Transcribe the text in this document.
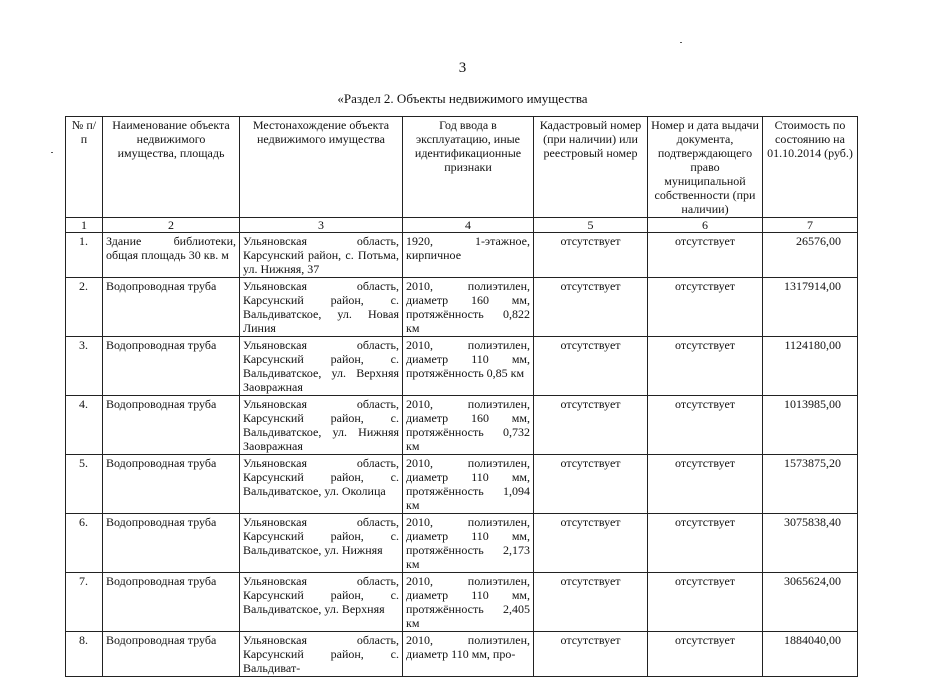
3
«Раздел 2. Объекты недвижимого имущества
№ п/п	Наименование объекта недвижимого имущества, площадь	Местонахождение объекта недвижимого имущества	Год ввода в эксплуатацию, иные идентификационные признаки	Кадастровый номер (при наличии) или реестровый номер	Номер и дата выдачи документа, подтверждающего право муниципальной собственности (при наличии)	Стоимость по состоянию на 01.10.2014 (руб.)
1	2	3	4	5	6	7
1.	Здание библиотеки, общая площадь 30 кв. м	Ульяновская область, Карсунский район, с. Потьма, ул. Нижняя, 37	1920, 1-этажное, кирпичное	отсутствует	отсутствует	26576,00
2.	Водопроводная труба	Ульяновская область, Карсунский район, с. Вальдиватское, ул. Новая Линия	2010, полиэтилен, диаметр 160 мм, протяжённость 0,822 км	отсутствует	отсутствует	1317914,00
3.	Водопроводная труба	Ульяновская область, Карсунский район, с. Вальдиватское, ул. Верхняя Заовражная	2010, полиэтилен, диаметр 110 мм, протяжённость 0,85 км	отсутствует	отсутствует	1124180,00
4.	Водопроводная труба	Ульяновская область, Карсунский район, с. Вальдиватское, ул. Нижняя Заовражная	2010, полиэтилен, диаметр 160 мм, протяжённость 0,732 км	отсутствует	отсутствует	1013985,00
5.	Водопроводная труба	Ульяновская область, Карсунский район, с. Вальдиватское, ул. Околица	2010, полиэтилен, диаметр 110 мм, протяжённость 1,094 км	отсутствует	отсутствует	1573875,20
6.	Водопроводная труба	Ульяновская область, Карсунский район, с. Вальдиватское, ул. Нижняя	2010, полиэтилен, диаметр 110 мм, протяжённость 2,173 км	отсутствует	отсутствует	3075838,40
7.	Водопроводная труба	Ульяновская область, Карсунский район, с. Вальдиватское, ул. Верхняя	2010, полиэтилен, диаметр 110 мм, протяжённость 2,405 км	отсутствует	отсутствует	3065624,00
8.	Водопроводная труба	Ульяновская область, Карсунский район, с. Вальдиват-	2010, полиэтилен, диаметр 110 мм, про-	отсутствует	отсутствует	1884040,00
